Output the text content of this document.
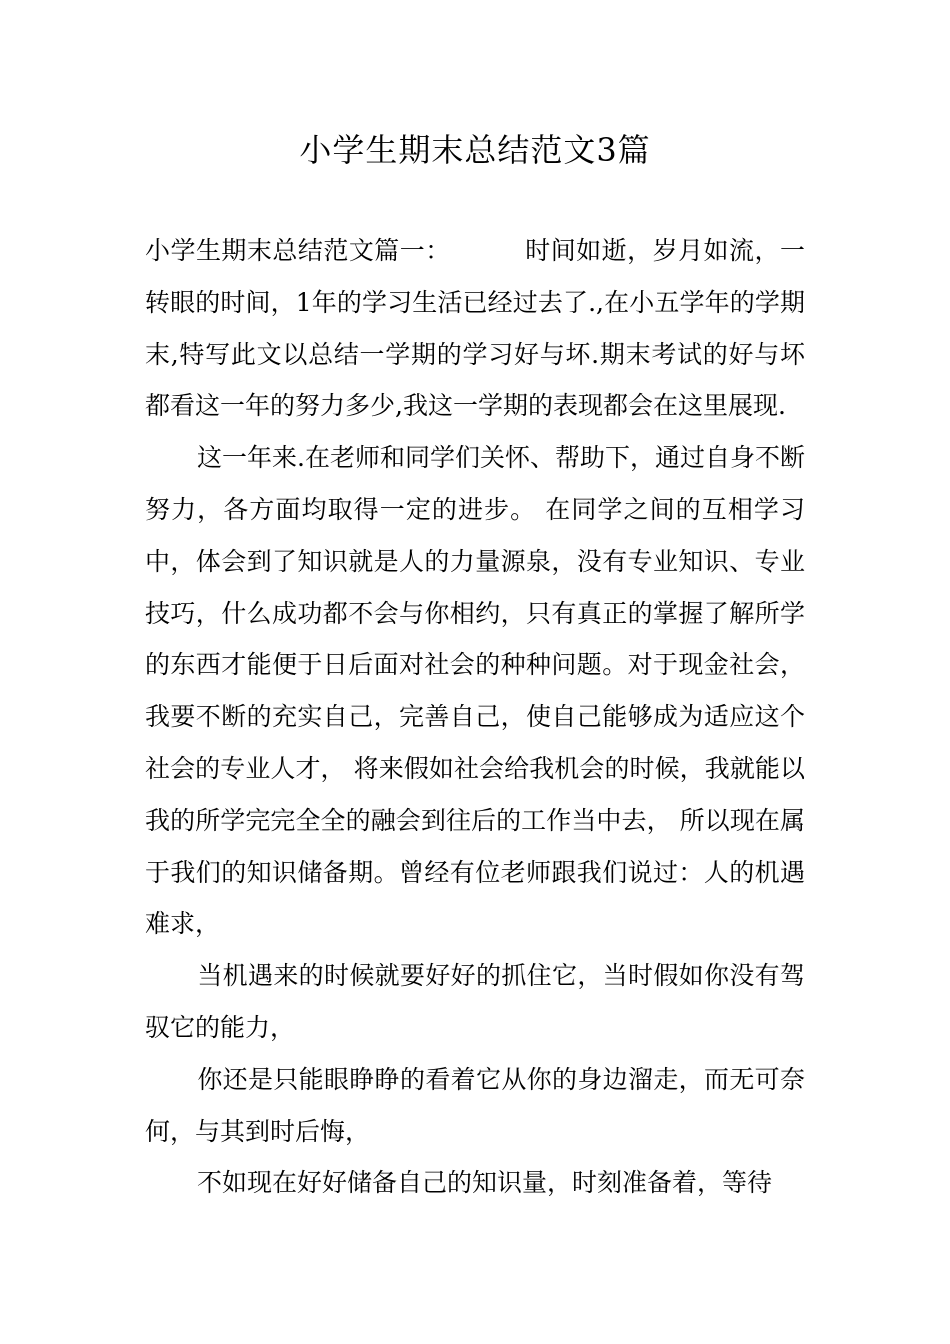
小学生期末总结范文3篇

小学生期末总结范文篇一：	时间如逝，岁月如流，一转眼的时间，1年的学习生活已经过去了.,在小五学年的学期末,特写此文以总结一学期的学习好与坏.期末考试的好与坏都看这一年的努力多少,我这一学期的表现都会在这里展现.

这一年来.在老师和同学们关怀、帮助下，通过自身不断努力，各方面均取得一定的进步。 在同学之间的互相学习中，体会到了知识就是人的力量源泉，没有专业知识、专业技巧，什么成功都不会与你相约，只有真正的掌握了解所学的东西才能便于日后面对社会的种种问题。对于现金社会，我要不断的充实自己，完善自己，使自己能够成为适应这个社会的专业人才， 将来假如社会给我机会的时候，我就能以我的所学完完全全的融会到往后的工作当中去， 所以现在属于我们的知识储备期。曾经有位老师跟我们说过：人的机遇难求，

当机遇来的时候就要好好的抓住它，当时假如你没有驾驭它的能力，

你还是只能眼睁睁的看着它从你的身边溜走，而无可奈何，与其到时后悔，

不如现在好好储备自己的知识量，时刻准备着，等待
